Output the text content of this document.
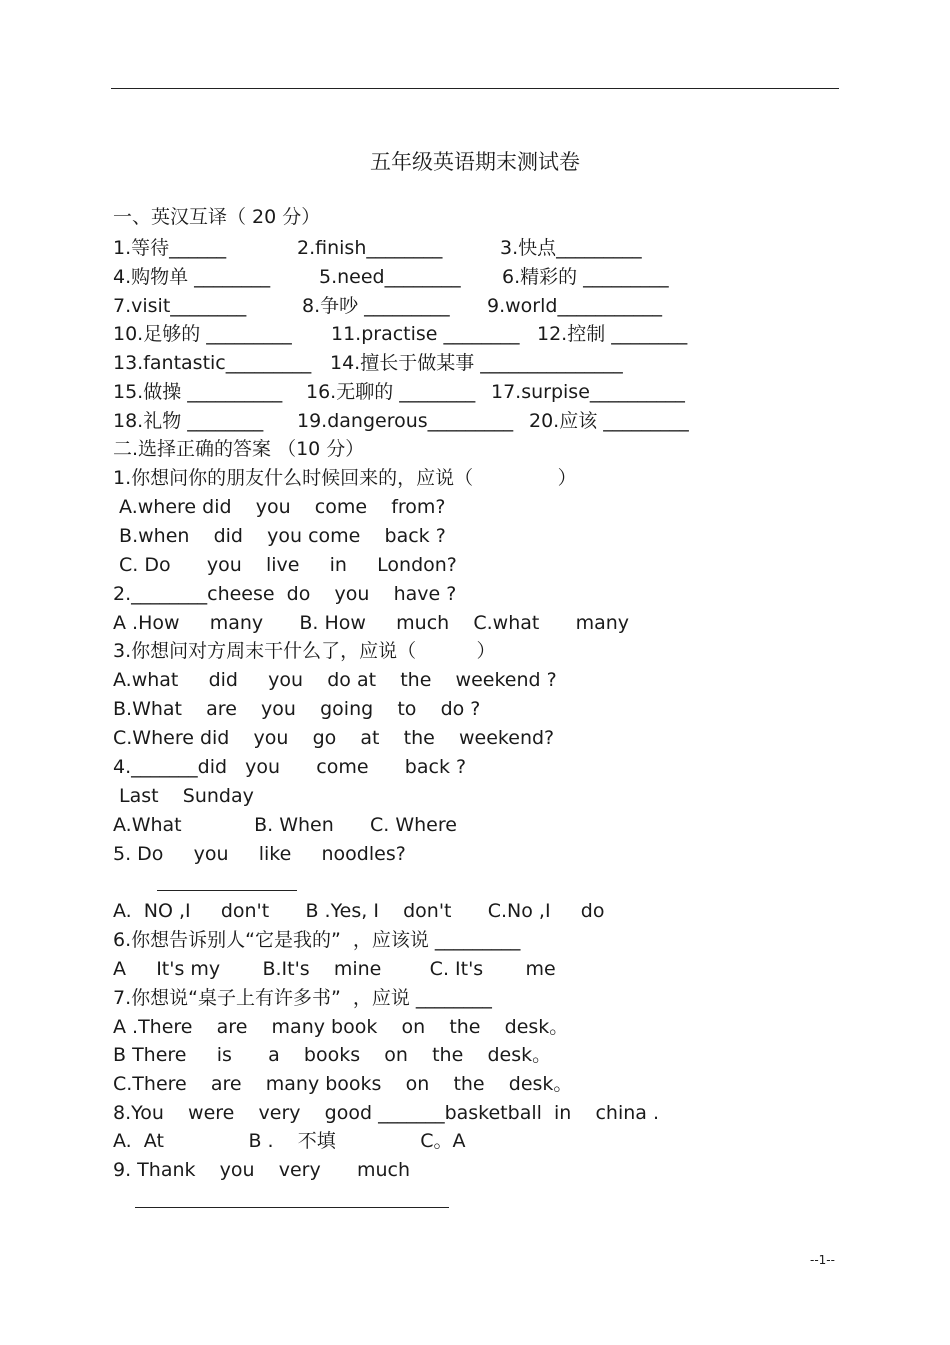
五年级英语期末测试卷
一、英汉互译（ 20 分）
1.等待______	2.finish________	3.快点_________
4.购物单 ________	5.need________ 6.精彩的 _________
7.visit________	8.争吵 _________ 9.world___________
10.足够的 _________ 11.practise ________ 12.控制 ________
13.fantastic_________ 14.擅长于做某事 _______________
15.做操 __________ 16.无聊的 ________ 17.surpise__________
18.礼物 ________ 19.dangerous_________ 20.应该 _________
二.选择正确的答案 （10 分）
1.你想问你的朋友什么时候回来的，应说（              ）
A.where did    you    come    from?
B.when    did    you come    back ?
C. Do      you    live     in     London?
2.________cheese  do    you    have ?
A .How     many      B. How     much    C.what      many
3.你想问对方周末干什么了，应说（          ）
A.what     did     you    do at    the    weekend ?
B.What    are    you    going    to    do ?
C.Where did    you    go    at    the    weekend?
4._______did   you      come      back ?
Last    Sunday
A.What            B. When      C. Where
5. Do     you     like     noodles?
A.  NO ,I     don't      B .Yes, I    don't      C.No ,I     do
6.你想告诉别人“它是我的”  ，应该说 _________
A     It's my       B.It's    mine        C. It's       me
7.你想说“桌子上有许多书”  ，应说 ________
A .There    are    many book    on    the    desk。
B There     is      a    books    on    the    desk。
C.There    are    many books    on    the    desk。
8.You    were    very    good _______basketball  in    china .
A.  At              B .    不填              C。A
9. Thank    you    very      much
--1--
